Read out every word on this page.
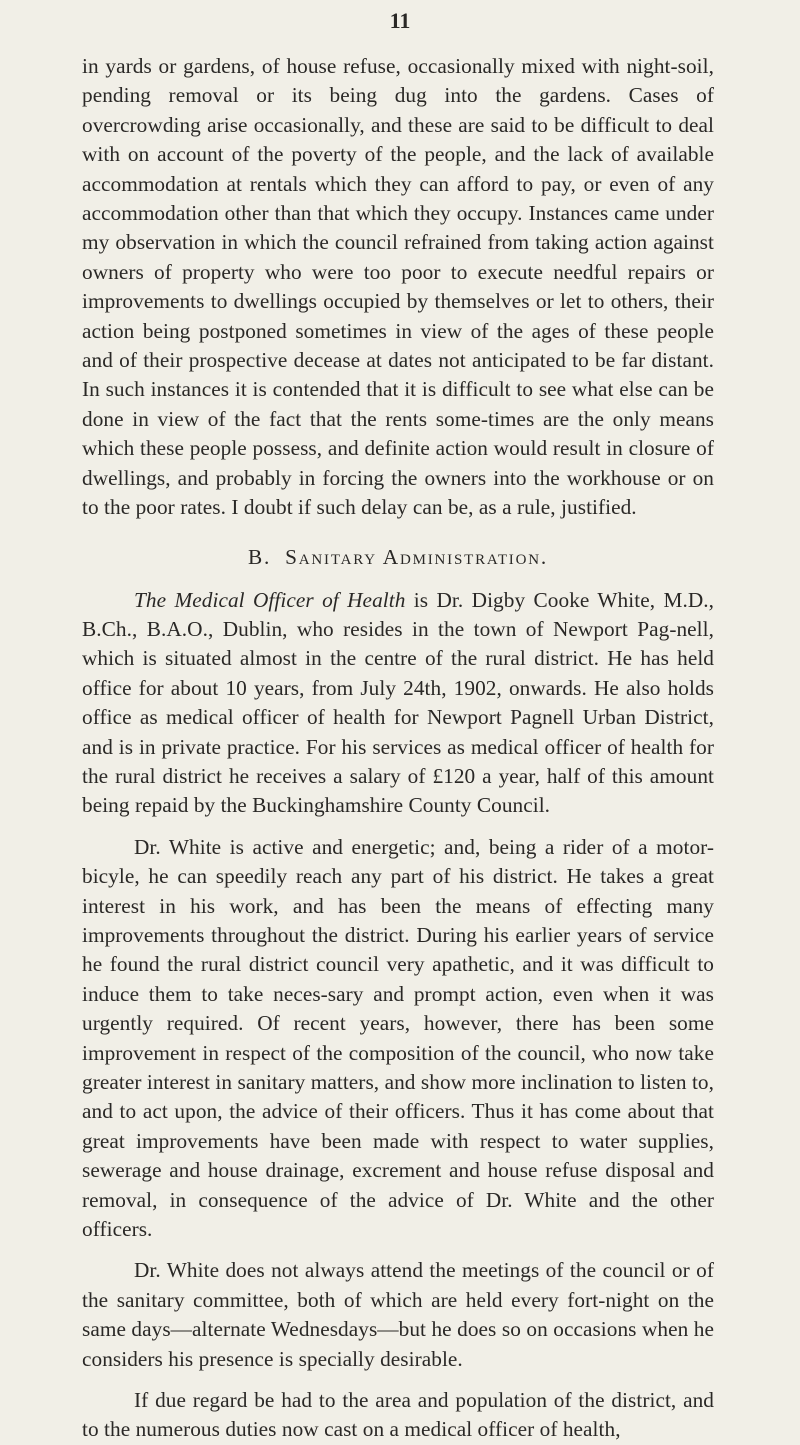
11

in yards or gardens, of house refuse, occasionally mixed with night-soil, pending removal or its being dug into the gardens. Cases of overcrowding arise occasionally, and these are said to be difficult to deal with on account of the poverty of the people, and the lack of available accommodation at rentals which they can afford to pay, or even of any accommodation other than that which they occupy. Instances came under my observation in which the council refrained from taking action against owners of property who were too poor to execute needful repairs or improvements to dwellings occupied by themselves or let to others, their action being postponed sometimes in view of the ages of these people and of their prospective decease at dates not anticipated to be far distant. In such instances it is contended that it is difficult to see what else can be done in view of the fact that the rents some-times are the only means which these people possess, and definite action would result in closure of dwellings, and probably in forcing the owners into the workhouse or on to the poor rates. I doubt if such delay can be, as a rule, justified.

B. Sanitary Administration.

The Medical Officer of Health is Dr. Digby Cooke White, M.D., B.Ch., B.A.O., Dublin, who resides in the town of Newport Pag-nell, which is situated almost in the centre of the rural district. He has held office for about 10 years, from July 24th, 1902, onwards. He also holds office as medical officer of health for Newport Pagnell Urban District, and is in private practice. For his services as medical officer of health for the rural district he receives a salary of £120 a year, half of this amount being repaid by the Buckinghamshire County Council.

Dr. White is active and energetic; and, being a rider of a motor-bicyle, he can speedily reach any part of his district. He takes a great interest in his work, and has been the means of effecting many improvements throughout the district. During his earlier years of service he found the rural district council very apathetic, and it was difficult to induce them to take neces-sary and prompt action, even when it was urgently required. Of recent years, however, there has been some improvement in respect of the composition of the council, who now take greater interest in sanitary matters, and show more inclination to listen to, and to act upon, the advice of their officers. Thus it has come about that great improvements have been made with respect to water supplies, sewerage and house drainage, excrement and house refuse disposal and removal, in consequence of the advice of Dr. White and the other officers.

Dr. White does not always attend the meetings of the council or of the sanitary committee, both of which are held every fort-night on the same days—alternate Wednesdays—but he does so on occasions when he considers his presence is specially desirable.

If due regard be had to the area and population of the district, and to the numerous duties now cast on a medical officer of health,
